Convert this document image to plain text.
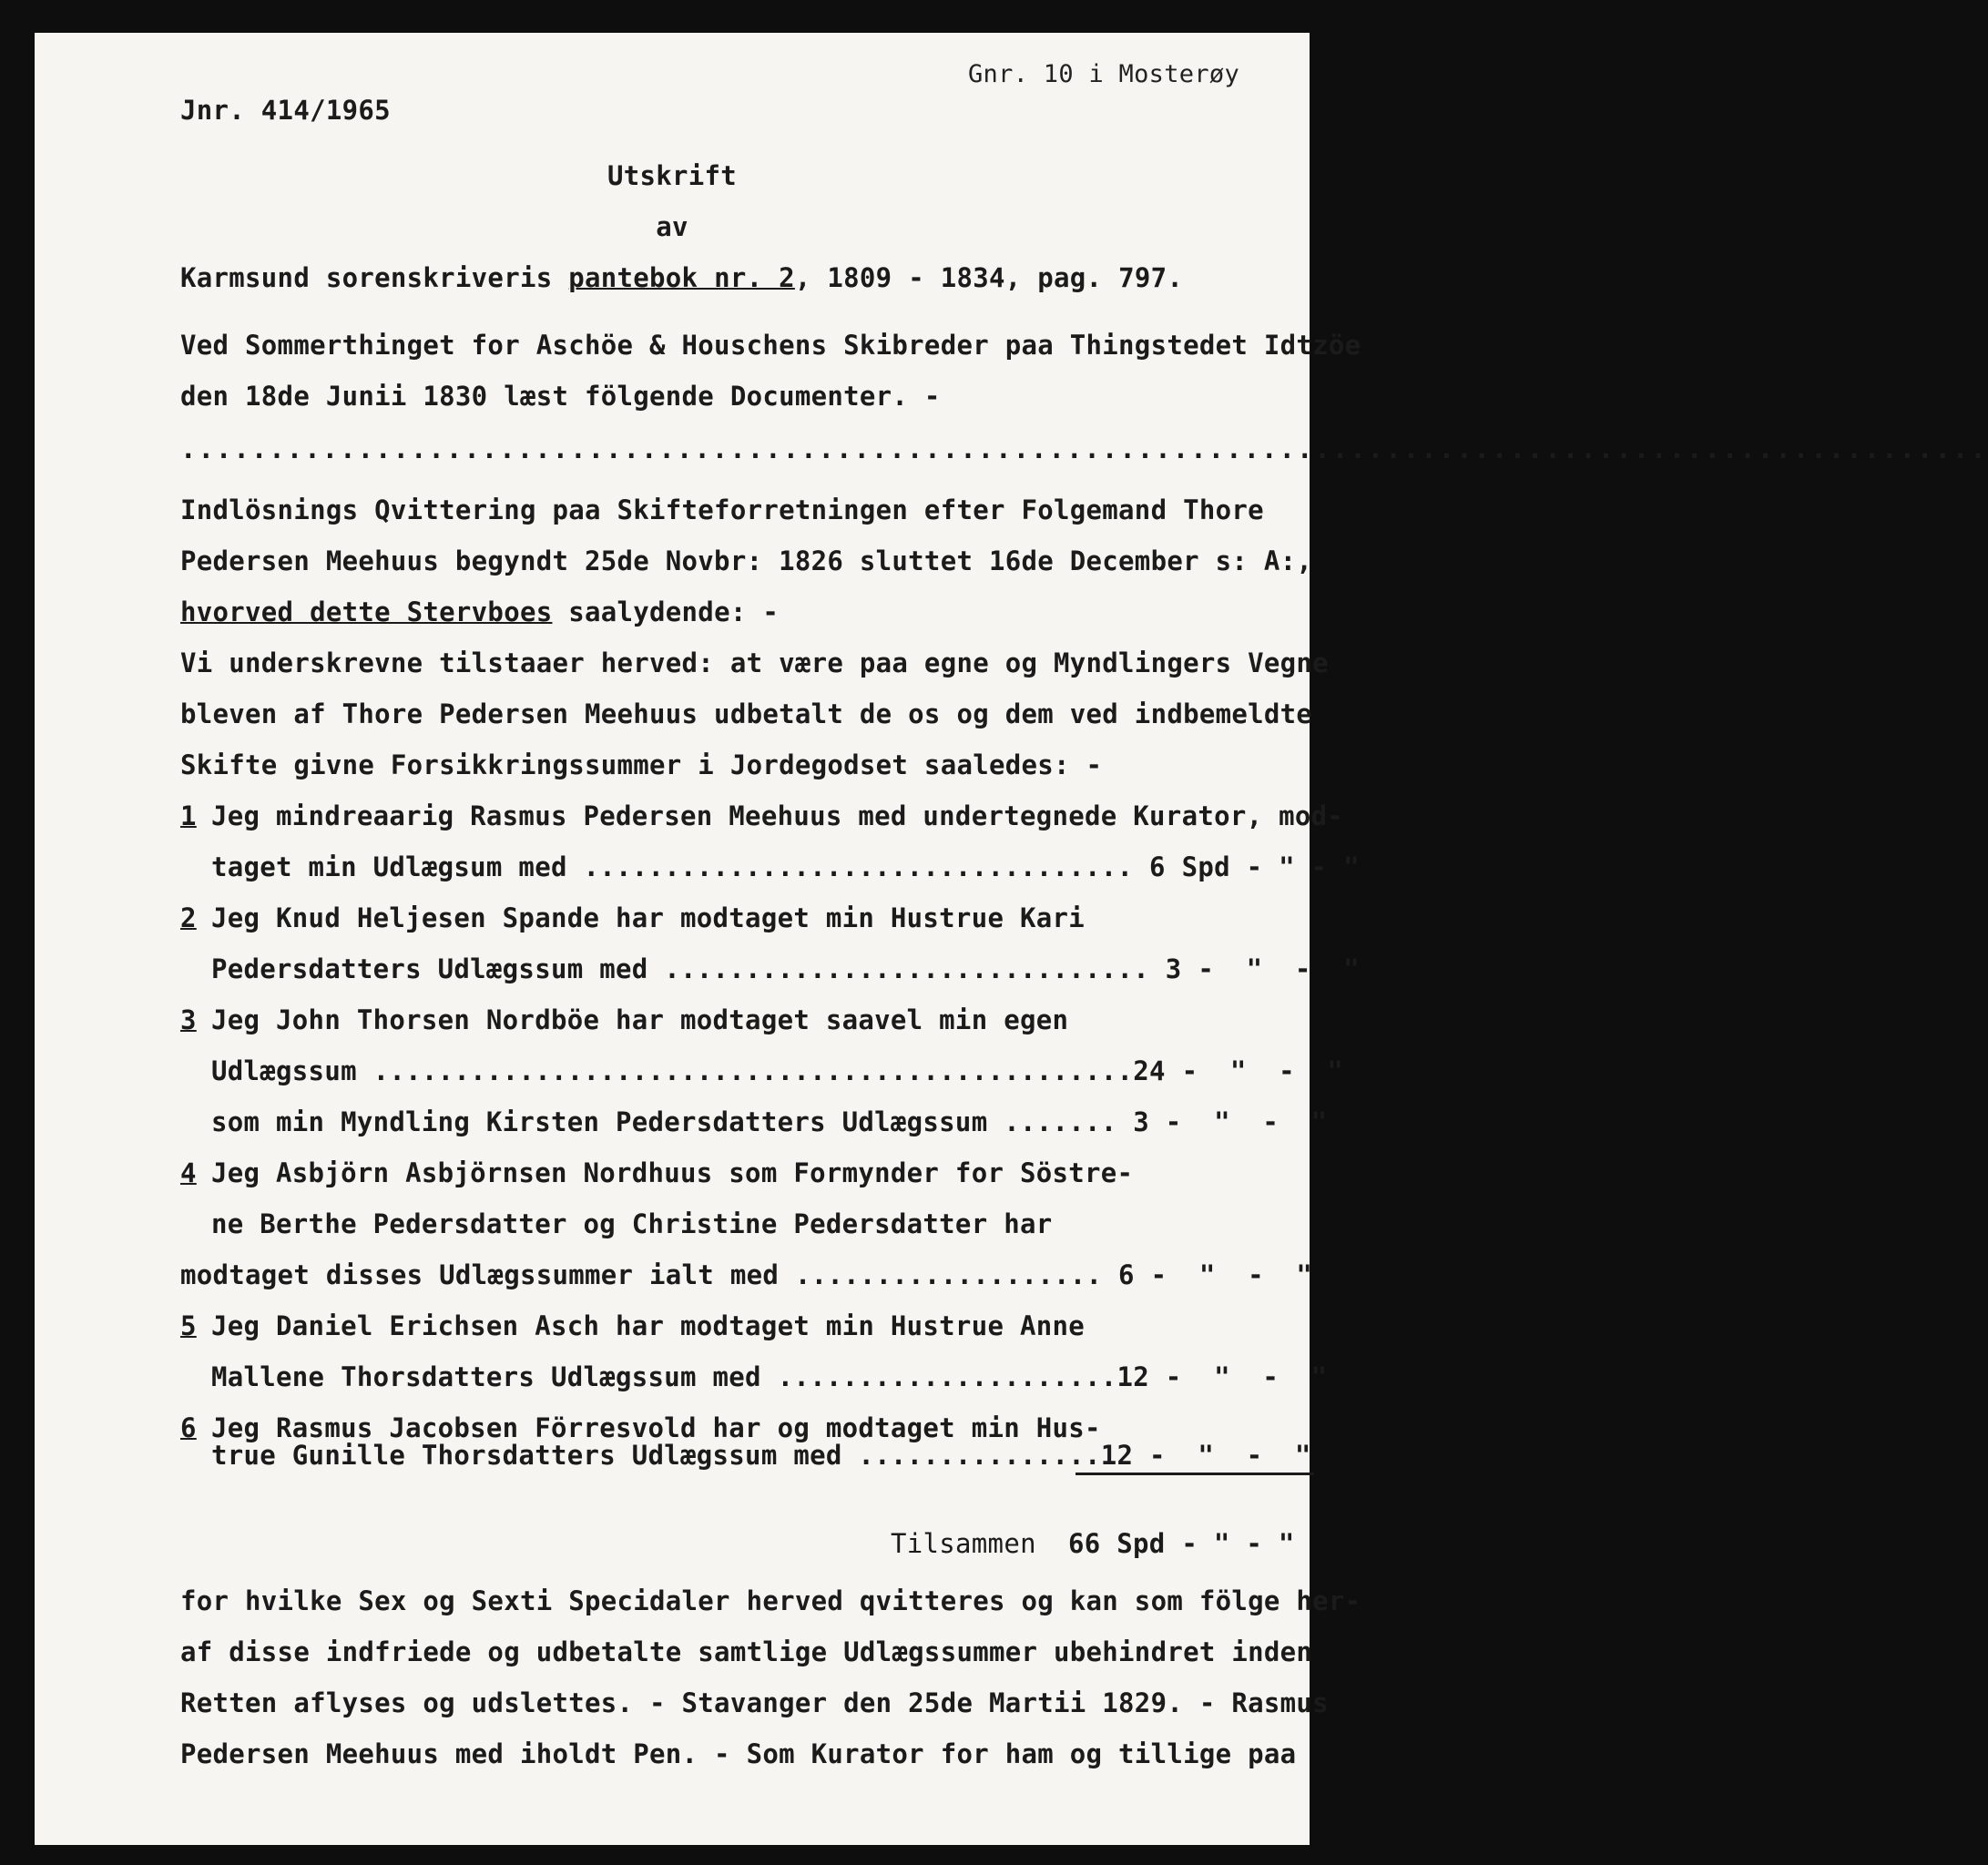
Jnr. 414/1965
Gnr. 10 i Mosterøy
Utskrift
av
Karmsund sorenskriveris pantebok nr. 2, 1809 - 1834, pag. 797.
Ved Sommerthinget for Aschöe & Houschens Skibreder paa Thingstedet Idtzöe
den 18de Junii 1830 læst fölgende Documenter. -
......................................................................................................
Indlösnings Qvittering paa Skifteforretningen efter Folgemand Thore
Pedersen Meehuus begyndt 25de Novbr: 1826 sluttet 16de December s: A:,
hvorved dette Stervboes saalydende: -
Vi underskrevne tilstaaer herved: at være paa egne og Myndlingers Vegne
bleven af Thore Pedersen Meehuus udbetalt de os og dem ved indbemeldte
Skifte givne Forsikkringssummer i Jordegodset saaledes: -
1 Jeg mindreaarig Rasmus Pedersen Meehuus med undertegnede Kurator, mod-
taget min Udlægsum med .................................. 6 Spd - " - "
2 Jeg Knud Heljesen Spande har modtaget min Hustrue Kari
Pedersdatters Udlægssum med .............................. 3 -  "  -  "
3 Jeg John Thorsen Nordböe har modtaget saavel min egen
Udlægssum ...............................................24 -  "  -  "
som min Myndling Kirsten Pedersdatters Udlægssum ....... 3 -  "  -  "
4 Jeg Asbjörn Asbjörnsen Nordhuus som Formynder for Söstre-
ne Berthe Pedersdatter og Christine Pedersdatter har
modtaget disses Udlægssummer ialt med ................... 6 -  "  -  "
5 Jeg Daniel Erichsen Asch har modtaget min Hustrue Anne
Mallene Thorsdatters Udlægssum med .....................12 -  "  -  "
6 Jeg Rasmus Jacobsen Förresvold har og modtaget min Hus-
true Gunille Thorsdatters Udlægssum med ...............12 -  "  -  "
Tilsammen 66 Spd - " - "
for hvilke Sex og Sexti Specidaler herved qvitteres og kan som fölge her-
af disse indfriede og udbetalte samtlige Udlægssummer ubehindret inden
Retten aflyses og udslettes. - Stavanger den 25de Martii 1829. - Rasmus
Pedersen Meehuus med iholdt Pen. - Som Kurator for ham og tillige paa
